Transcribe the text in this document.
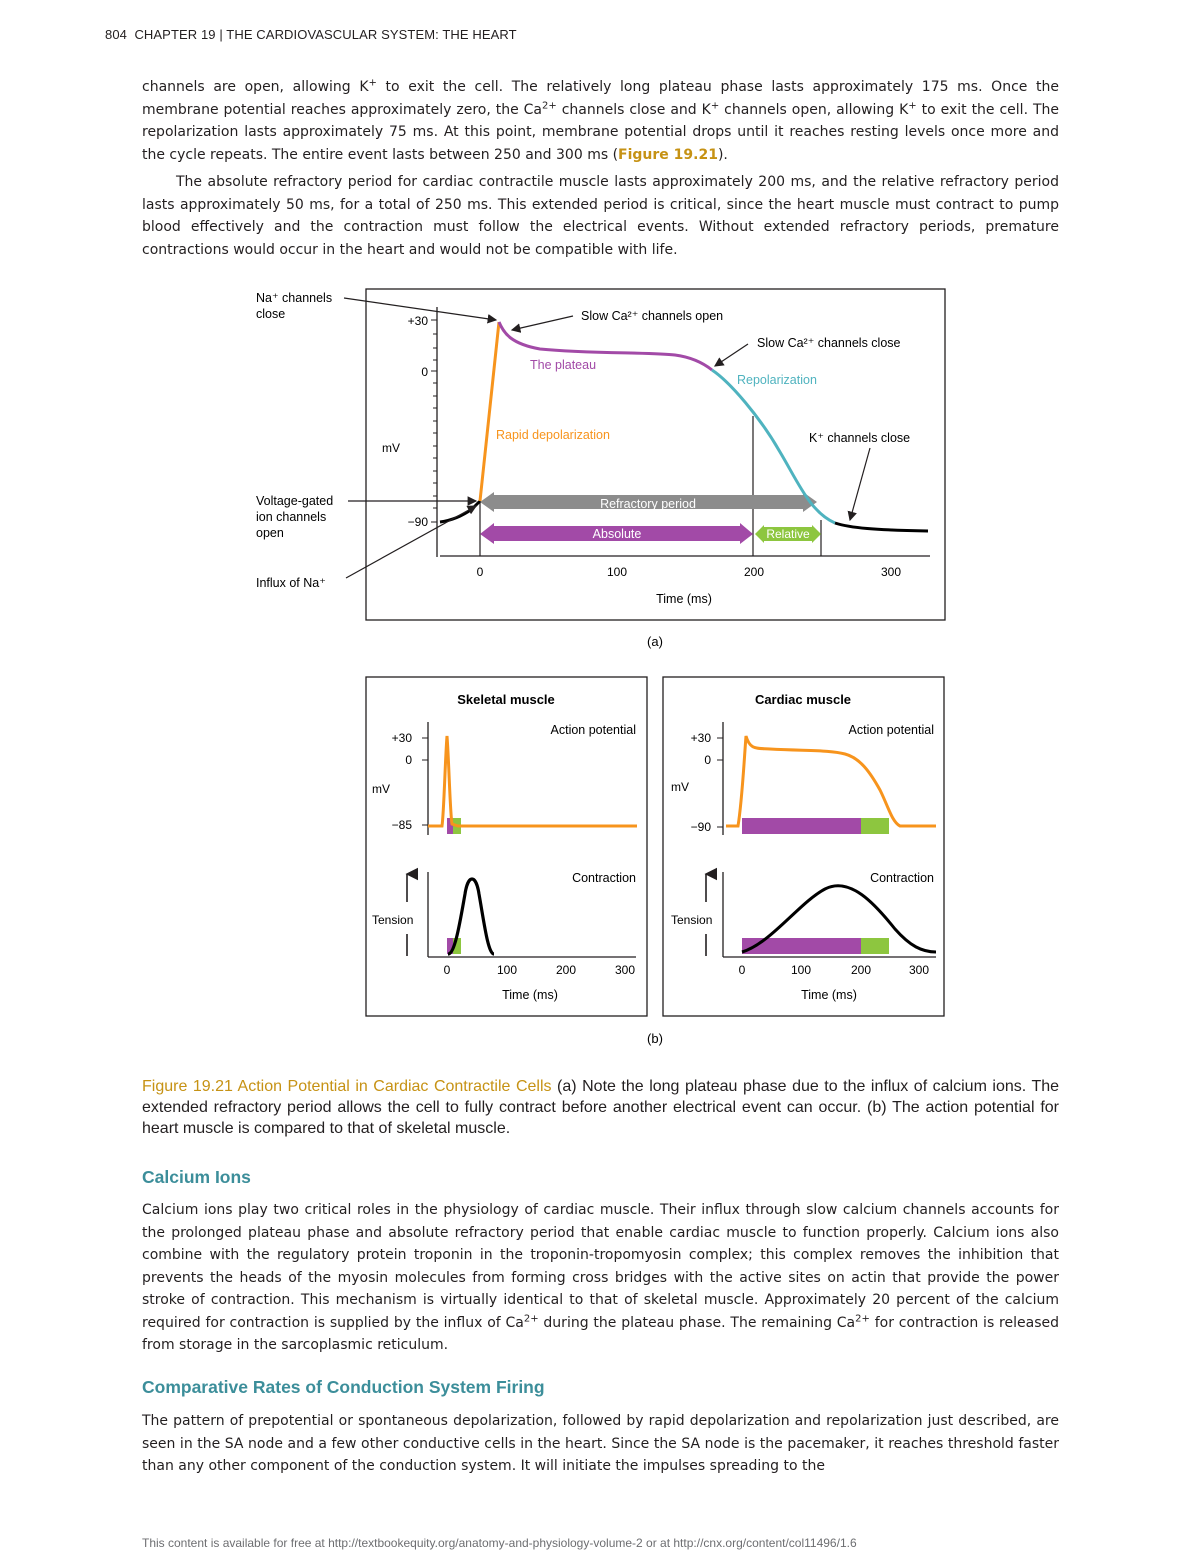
804 CHAPTER 19 | THE CARDIOVASCULAR SYSTEM: THE HEART

channels are open, allowing K+ to exit the cell. The relatively long plateau phase lasts approximately 175 ms. Once the membrane potential reaches approximately zero, the $Ca^{2+}$ channels close and K+ channels open, allowing K+ to exit the cell. The repolarization lasts approximately 75 ms. At this point, membrane potential drops until it reaches resting levels once more and the cycle repeats. The entire event lasts between 250 and 300 ms (Figure 19.21).

The absolute refractory period for cardiac contractile muscle lasts approximately 200 ms, and the relative refractory period lasts approximately 50 ms, for a total of 250 ms. This extended period is critical, since the heart muscle must contract to pump blood effectively and the contraction must follow the electrical events. Without extended refractory periods, premature contractions would occur in the heart and would not be compatible with life.

+30
0
−90
mV
0	100	200	300
Time (ms)
Refractory period
Absolute	Relative
The plateau
Rapid depolarization
Repolarization
Na⁺ channels close	Slow Ca²⁺ channels open
Slow Ca²⁺ channels close
K⁺ channels close
Voltage-gated ion channels open
Influx of Na⁺
(a)
Skeletal muscle
Action potential
+30
0
−85
mV
Contraction
Tension
0	100	200	300
Time (ms)
Cardiac muscle
Action potential
+30
0
−90
mV
Contraction
Tension
0	100	200	300
Time (ms)
(b)

Figure 19.21 Action Potential in Cardiac Contractile Cells (a) Note the long plateau phase due to the influx of calcium ions. The extended refractory period allows the cell to fully contract before another electrical event can occur. (b) The action potential for heart muscle is compared to that of skeletal muscle.

Calcium Ions

Calcium ions play two critical roles in the physiology of cardiac muscle. Their influx through slow calcium channels accounts for the prolonged plateau phase and absolute refractory period that enable cardiac muscle to function properly. Calcium ions also combine with the regulatory protein troponin in the troponin-tropomyosin complex; this complex removes the inhibition that prevents the heads of the myosin molecules from forming cross bridges with the active sites on actin that provide the power stroke of contraction. This mechanism is virtually identical to that of skeletal muscle. Approximately 20 percent of the calcium required for contraction is supplied by the influx of $Ca^{2+}$ during the plateau phase. The remaining $Ca^{2+}$ for contraction is released from storage in the sarcoplasmic reticulum.

Comparative Rates of Conduction System Firing

The pattern of prepotential or spontaneous depolarization, followed by rapid depolarization and repolarization just described, are seen in the SA node and a few other conductive cells in the heart. Since the SA node is the pacemaker, it reaches threshold faster than any other component of the conduction system. It will initiate the impulses spreading to the

This content is available for free at http://textbookequity.org/anatomy-and-physiology-volume-2 or at http://cnx.org/content/col11496/1.6
